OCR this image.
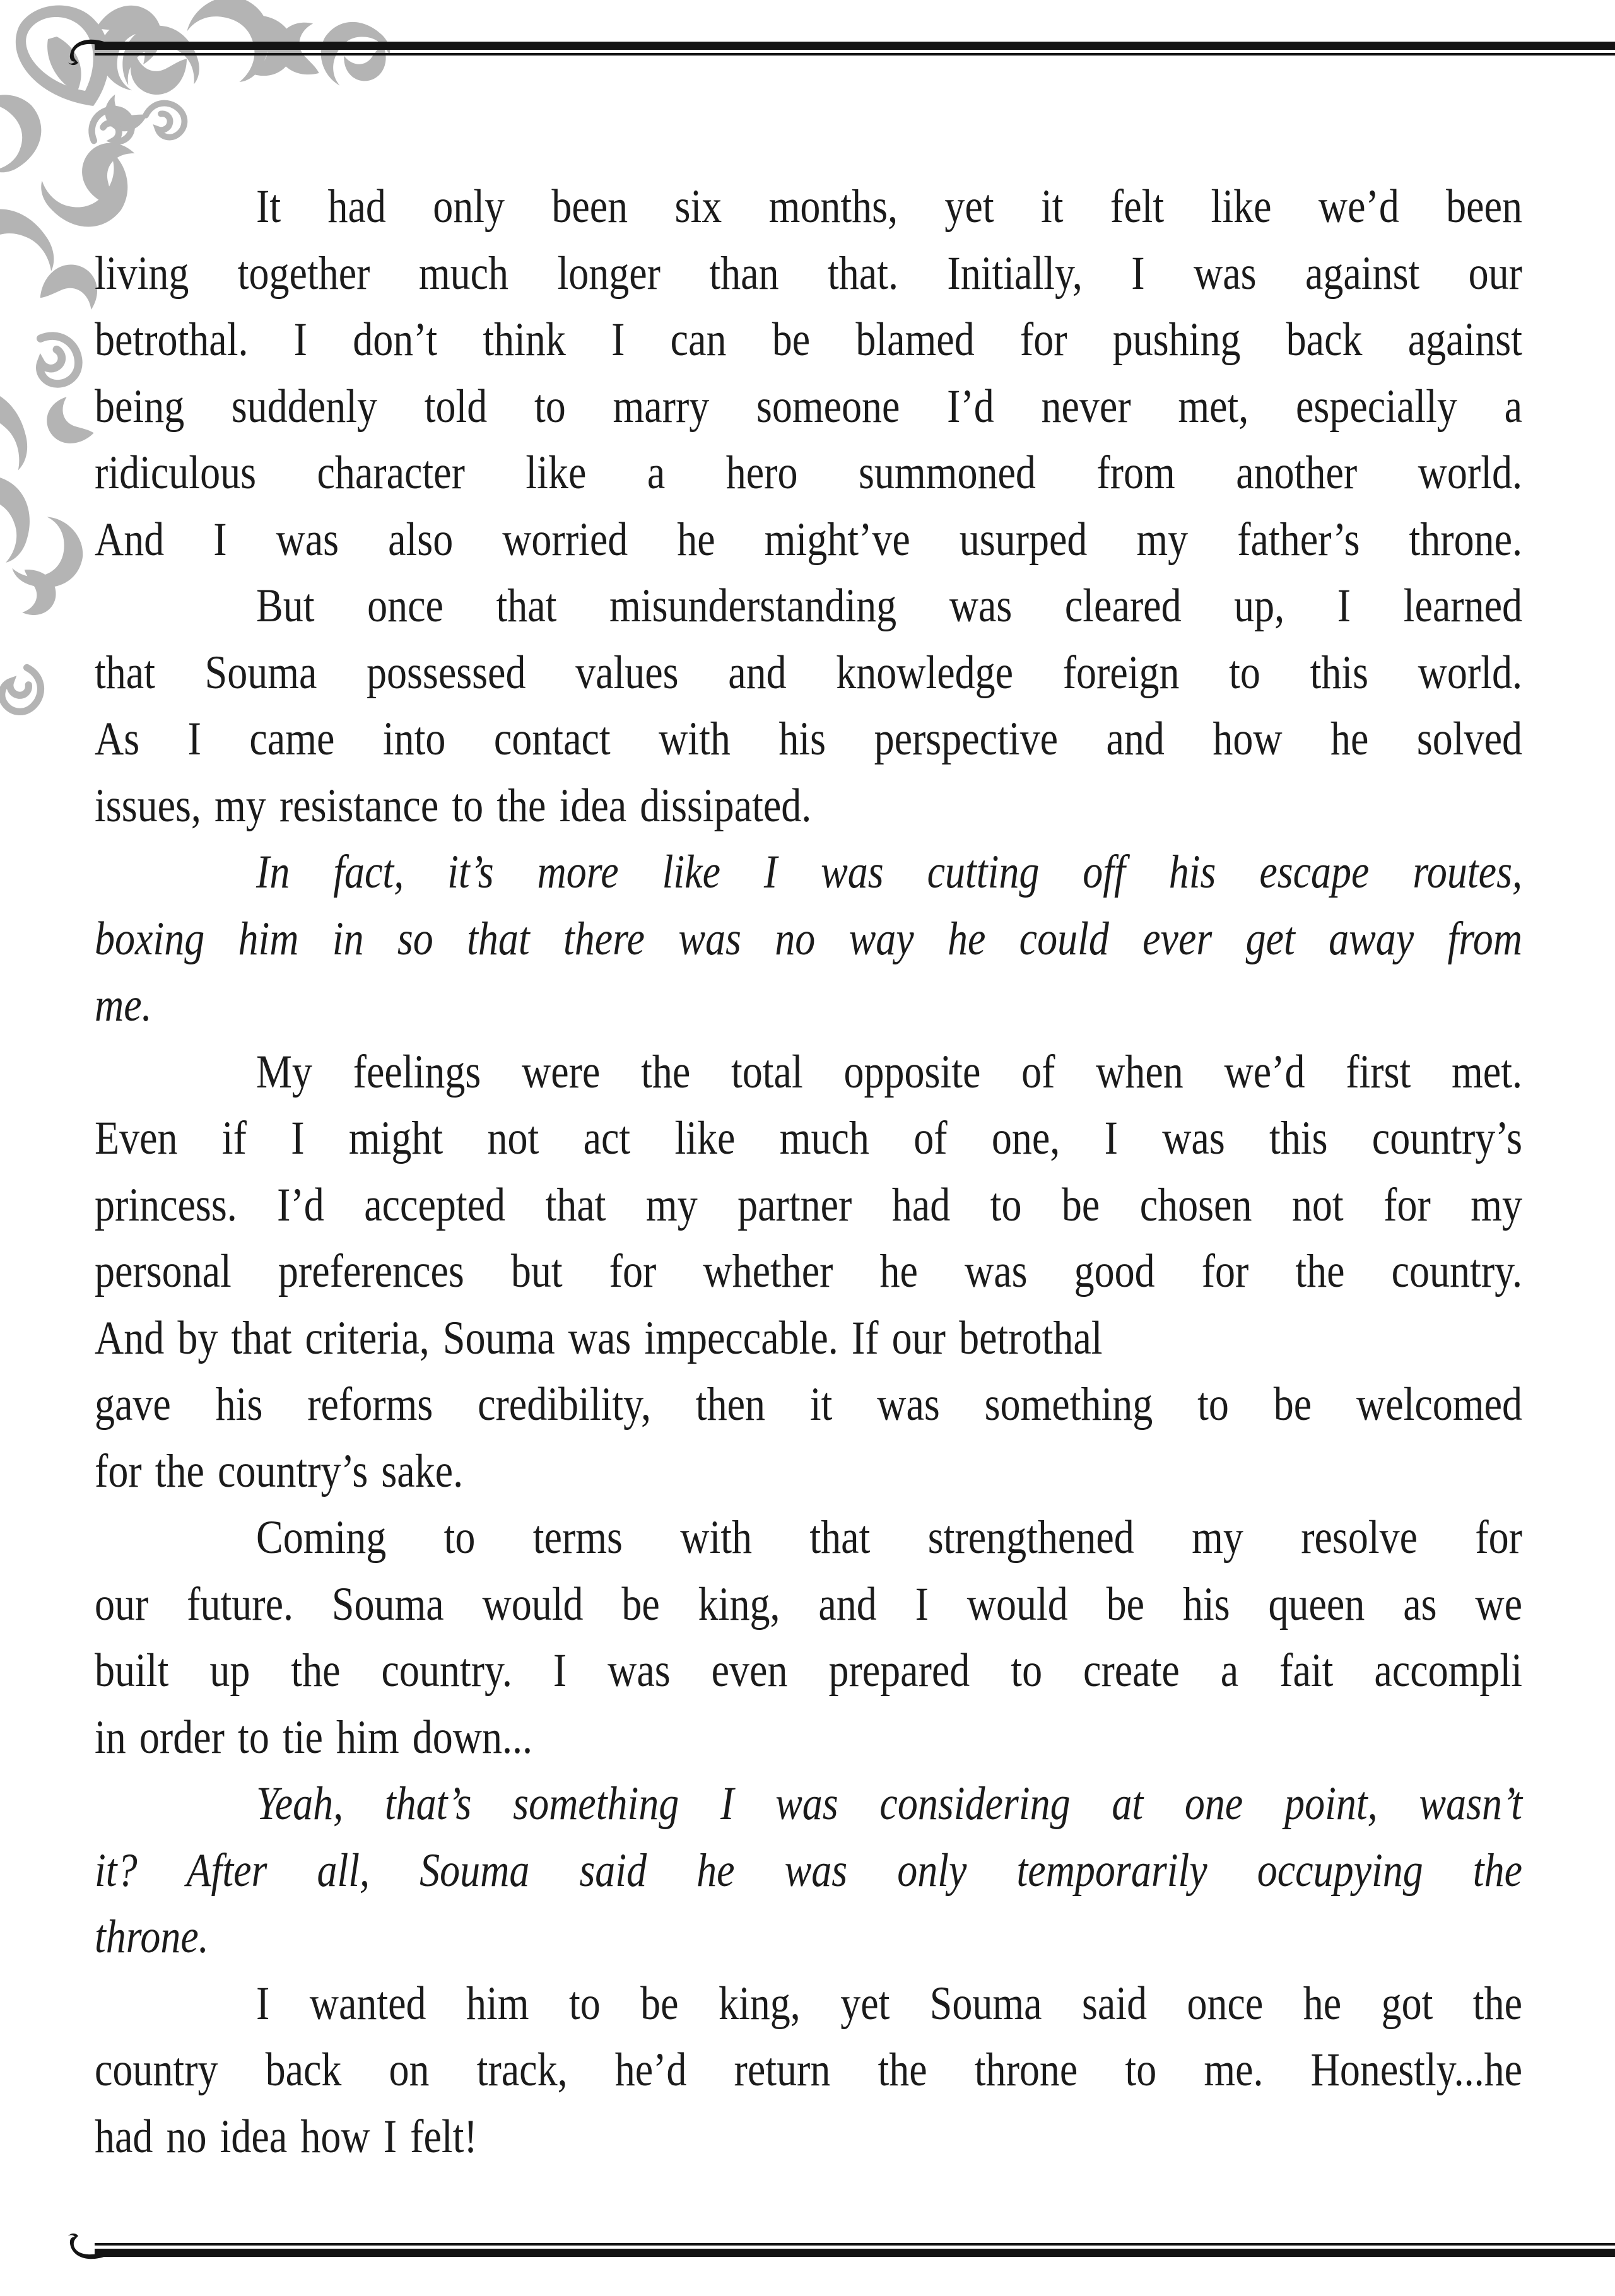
It had only been six months, yet it felt like we’d been
living together much longer than that. Initially, I was against our
betrothal. I don’t think I can be blamed for pushing back against
being suddenly told to marry someone I’d never met, especially a
ridiculous character like a hero summoned from another world.
And I was also worried he might’ve usurped my father’s throne.
But once that misunderstanding was cleared up, I learned
that Souma possessed values and knowledge foreign to this world.
As I came into contact with his perspective and how he solved
issues, my resistance to the idea dissipated.
In fact, it’s more like I was cutting off his escape routes,
boxing him in so that there was no way he could ever get away from
me.
My feelings were the total opposite of when we’d first met.
Even if I might not act like much of one, I was this country’s
princess. I’d accepted that my partner had to be chosen not for my
personal preferences but for whether he was good for the country.
And by that criteria, Souma was impeccable. If our betrothal
gave his reforms credibility, then it was something to be welcomed
for the country’s sake.
Coming to terms with that strengthened my resolve for
our future. Souma would be king, and I would be his queen as we
built up the country. I was even prepared to create a fait accompli
in order to tie him down...
Yeah, that’s something I was considering at one point, wasn’t
it? After all, Souma said he was only temporarily occupying the
throne.
I wanted him to be king, yet Souma said once he got the
country back on track, he’d return the throne to me. Honestly...he
had no idea how I felt!
